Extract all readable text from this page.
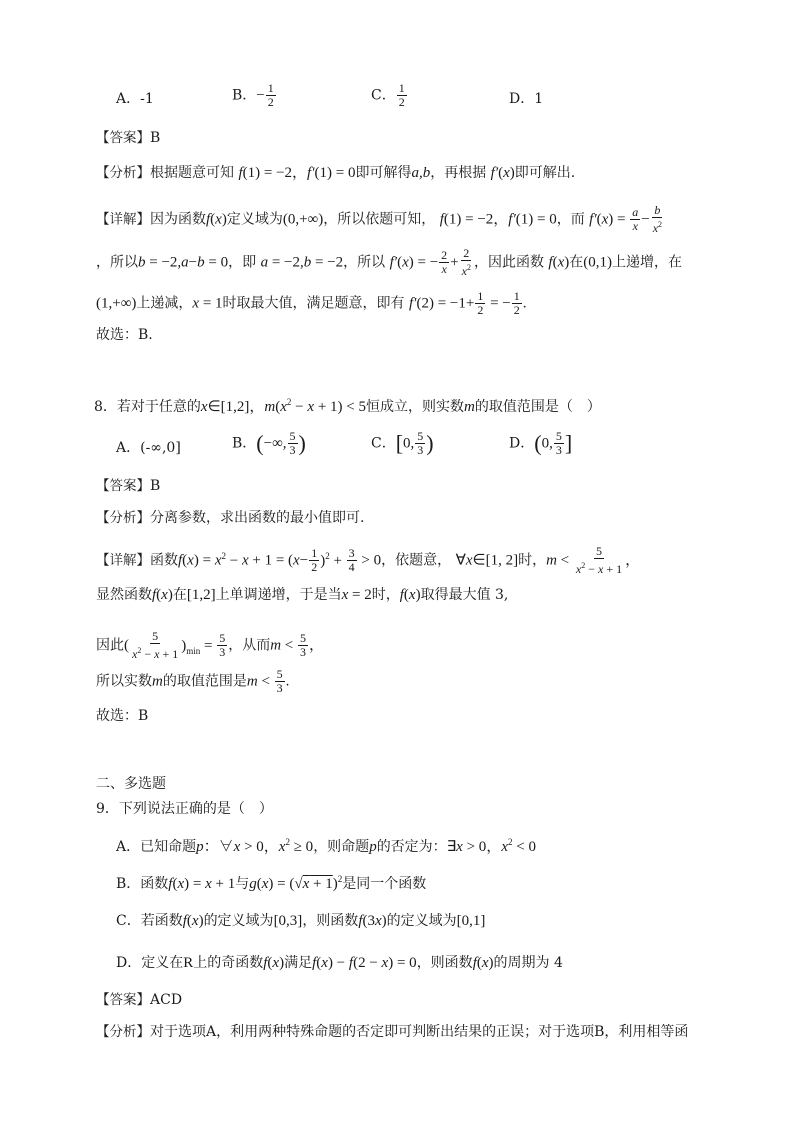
A．-1	B．− $\frac{1}{2}$	C． $\frac{1}{2}$	D．1
【答案】B
【分析】根据题意可知 f(1) = −2，f′(1) = 0即可解得a,b，再根据 f′(x)即可解出.
【详解】因为函数f(x)定义域为(0,+∞)，所以依题可知， f(1) = −2，f′(1) = 0，而 $f'(x) = \frac{a}{x} - \frac{b}{x^2}$
，所以b = −2,a−b = 0，即 a = −2,b = −2，所以 f′(x) = − $\frac{2}{x} + \frac{2}{x^2}$ ，因此函数 f(x)在(0,1)上递增，在
(1,+∞)上递减，x = 1时取最大值，满足题意，即有 $f'(2) = -1+ \frac{1}{2}$ = − $\frac{1}{2}$ .
故选：B.
8．若对于任意的x∈[1,2]，$m(x^2 - x + 1) < 5$恒成立，则实数m的取值范围是（　）
A．(-∞,0]	B．(−∞, $\frac{5}{3}$ )	C．[0, $\frac{5}{3}$ )	D．(0, $\frac{5}{3}$ ]
【答案】B
【分析】分离参数，求出函数的最小值即可.
【详解】函数$f(x) = x^2 - x + 1 = (x- \frac{1}{2} )^2 + \frac{3}{4} > 0$，依题意， ∀x∈[1, 2]时，$m < \frac{5}{x^2 - x + 1}$ ，
显然函数f(x)在[1,2]上单调递增，于是当x = 2时，f(x)取得最大值 3,
因此( $\frac{5}{x^2 - x + 1} )_{min} = \frac{5}{3}$ ，从而$m < \frac{5}{3}$ ，
所以实数m的取值范围是$m < \frac{5}{3}$ .
故选：B
二、多选题
9．下列说法正确的是（　）
A．已知命题p：∀x > 0，$x^2 \ge 0$，则命题p的否定为：∃x > 0，$x^2 < 0$
B．函数f(x) = x + 1与$g(x) = (√x + 1)^2$是同一个函数
C．若函数f(x)的定义域为[0,3]，则函数f(3x)的定义域为[0,1]
D．定义在R上的奇函数f(x)满足f(x) − f(2 − x) = 0，则函数f(x)的周期为 4
【答案】ACD
【分析】对于选项A，利用两种特殊命题的否定即可判断出结果的正误；对于选项B，利用相等函
